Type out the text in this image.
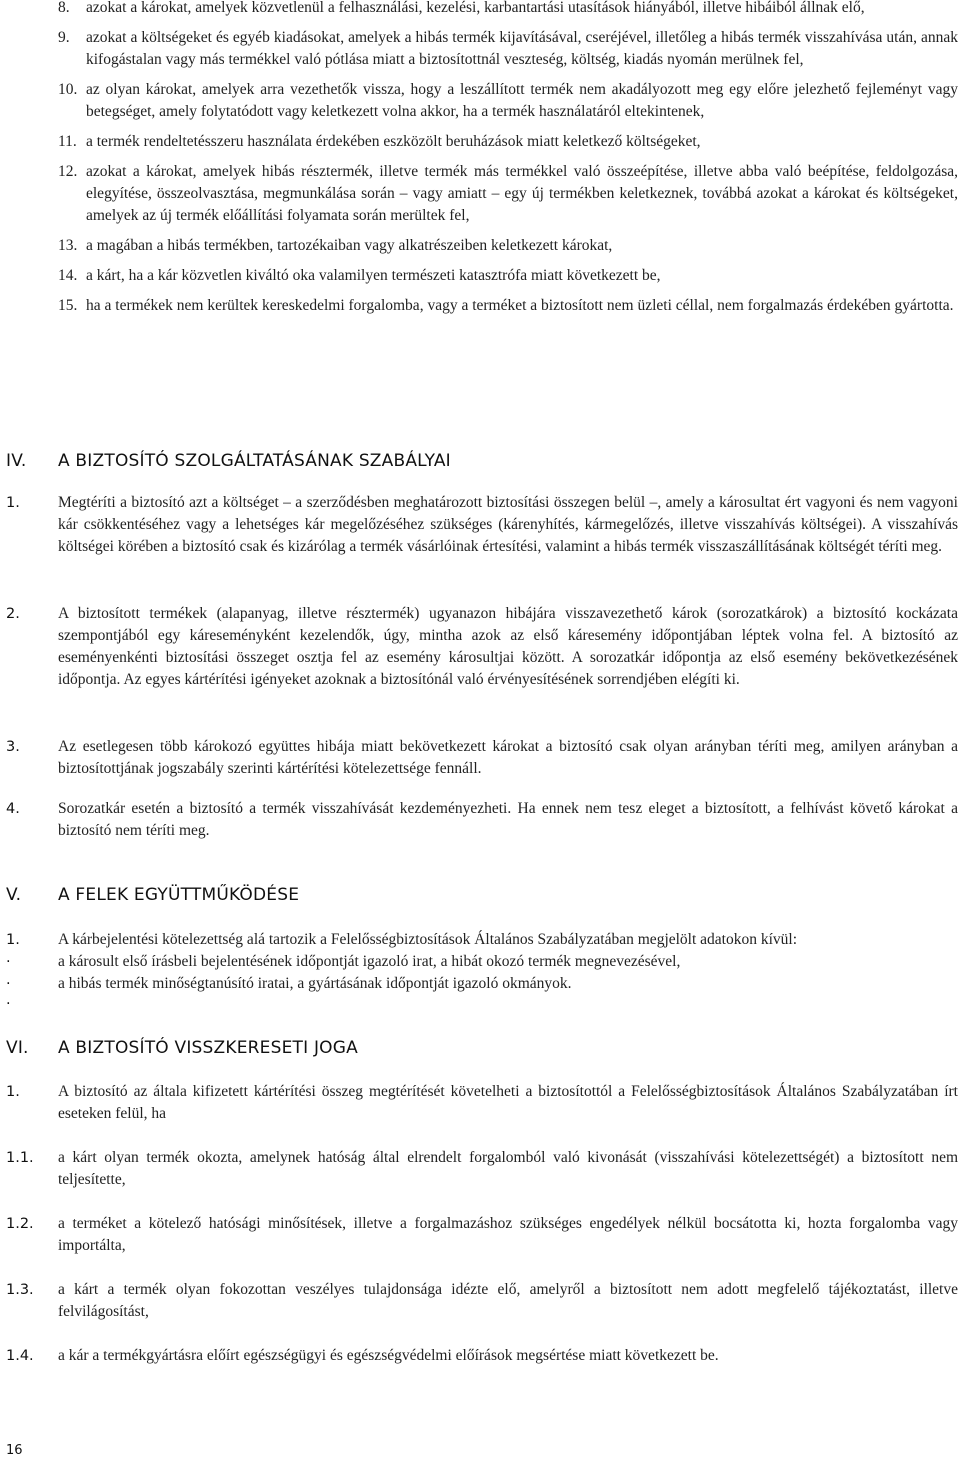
8.	azokat a károkat, amelyek közvetlenül a felhasználási, kezelési, karbantartási utasítások hiányából, illetve hibáiból állnak elő,
9.	azokat a költségeket és egyéb kiadásokat, amelyek a hibás termék kijavításával, cseréjével, illetőleg a hibás termék visszahívása után, annak kifogástalan vagy más termékkel való pótlása miatt a biztosítottnál veszteség, költség, kiadás nyomán merülnek fel,
10. az olyan károkat, amelyek arra vezethetők vissza, hogy a leszállított termék nem akadályozott meg egy előre jelezhető fejleményt vagy betegséget, amely folytatódott vagy keletkezett volna akkor, ha a termék használatáról eltekintenek,
11. a termék rendeltetésszeru használata érdekében eszközölt beruházások miatt keletkező költségeket,
12. azokat a károkat, amelyek hibás résztermék, illetve termék más termékkel való összeépítése, illetve abba való beépítése, feldolgozása, elegyítése, összeolvasztása, megmunkálása során – vagy amiatt – egy új termékben keletkeznek, továbbá azokat a károkat és költségeket, amelyek az új termék előállítási folyamata során merültek fel,
13. a magában a hibás termékben, tartozékaiban vagy alkatrészeiben keletkezett károkat,
14. a kárt, ha a kár közvetlen kiváltó oka valamilyen természeti katasztrófa miatt következett be,
15. ha a termékek nem kerültek kereskedelmi forgalomba, vagy a terméket a biztosított nem üzleti céllal, nem forgalmazás érdekében gyártotta.
IV. A BIZTOSÍTÓ SZOLGÁLTATÁSÁNAK SZABÁLYAI
1.	Megtéríti a biztosító azt a költséget – a szerződésben meghatározott biztosítási összegen belül –, amely a károsultat ért vagyoni és nem vagyoni kár csökkentéséhez vagy a lehetséges kár megelőzéséhez szükséges (kárenyhítés, kármegelőzés, illetve visszahívás költségei). A visszahívás költségei körében a biztosító csak és kizárólag a termék vásárlóinak értesítési, valamint a hibás termék visszaszállításának költségét téríti meg.
2.	A biztosított termékek (alapanyag, illetve résztermék) ugyanazon hibájára visszavezethető károk (sorozatkárok) a biztosító kockázata szempontjából egy káreseményként kezelendők, úgy, mintha azok az első káresemény időpontjában léptek volna fel. A biztosító az eseményenkénti biztosítási összeget osztja fel az esemény károsultjai között. A sorozatkár időpontja az első esemény bekövetkezésének időpontja. Az egyes kártérítési igényeket azoknak a biztosítónál való érvényesítésének sorrendjében elégíti ki.
3.	Az esetlegesen több károkozó együttes hibája miatt bekövetkezett károkat a biztosító csak olyan arányban téríti meg, amilyen arányban a biztosítottjának jogszabály szerinti kártérítési kötelezettsége fennáll.
4.	Sorozatkár esetén a biztosító a termék visszahívását kezdeményezheti. Ha ennek nem tesz eleget a biztosított, a felhívást követő károkat a biztosító nem téríti meg.
V. A FELEK EGYÜTTMŰKÖDÉSE
1.	A kárbejelentési kötelezettség alá tartozik a Felelősségbiztosítások Általános Szabályzatában megjelölt adatokon kívül:
·	a károsult első írásbeli bejelentésének időpontját igazoló irat, a hibát okozó termék megnevezésével,
·	a hibás termék minőségtanúsító iratai, a gyártásának időpontját igazoló okmányok.
·
VI. A BIZTOSÍTÓ VISSZKERESETI JOGA
1.	A biztosító az általa kifizetett kártérítési összeg megtérítését követelheti a biztosítottól a Felelősségbiztosítások Általános Szabályzatában írt eseteken felül, ha
1.1.	a kárt olyan termék okozta, amelynek hatóság által elrendelt forgalomból való kivonását (visszahívási kötelezettségét) a biztosított nem teljesítette,
1.2.	a terméket a kötelező hatósági minősítések, illetve a forgalmazáshoz szükséges engedélyek nélkül bocsátotta ki, hozta forgalomba vagy importálta,
1.3.	a kárt a termék olyan fokozottan veszélyes tulajdonsága idézte elő, amelyről a biztosított nem adott megfelelő tájékoztatást, illetve felvilágosítást,
1.4.	a kár a termékgyártásra előírt egészségügyi és egészségvédelmi előírások megsértése miatt következett be.
16
